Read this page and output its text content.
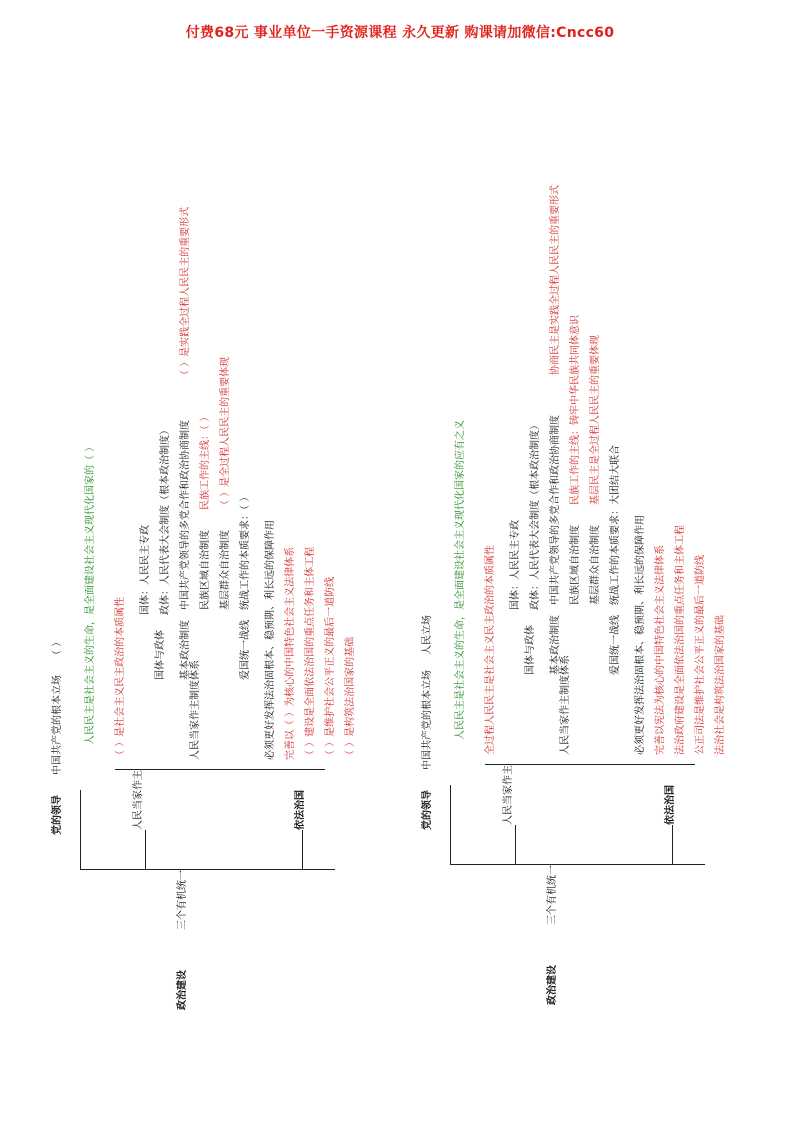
付费68元 事业单位一手资源课程 永久更新 购课请加微信:Cncc60
政治建设
三个有机统一
党的领导
中国共产党的根本立场
（ ） 人民民主是社会主义的生命，是全面建设社会主义现代化国家的（ ）
人民当家作主
（ ）是社会主义民主政治的本质属性	国体与政体
国体：人民民主专政 政体：人民代表大会制度（根本政治制度）
基本政治制度
中国共产党领导的多党合作和政治协商制度
（ ）是实践全过程人民民主的重要形式
民族区域自治制度
民族工作的主线：（ ）
基层群众自治制度
（ ）是全过程人民民主的重要体现
爱国统一战线
统战工作的本质要求：（ ）
人民当家作主制度体系
依法治国
必须更好发挥法治固根本、稳预期、利长远的保障作用 完善以（ ）为核心的中国特色社会主义法律体系 （ ）建设是全面依法治国的重点任务和主体工程 （ ）是维护社会公平正义的最后一道防线 （ ）是构筑法治国家的基础
政治建设
三个有机统一
党的领导
中国共产党的根本立场
人民立场 人民民主是社会主义的生命，是全面建设社会主义现代化国家的应有之义
人民当家作主
全过程人民民主是社会主义民主政治的本质属性	国体与政体
国体：人民民主专政 政体：人民代表大会制度（根本政治制度）
基本政治制度
中国共产党领导的多党合作和政治协商制度
协商民主是实践全过程人民民主的重要形式
民族区域自治制度
民族工作的主线：铸牢中华民族共同体意识
基层群众自治制度
基层民主是全过程人民民主的重要体现
爱国统一战线
统战工作的本质要求：大团结大联合
人民当家作主制度体系
依法治国
必须更好发挥法治固根本、稳预期、利长远的保障作用 完善以宪法为核心的中国特色社会主义法律体系 法治政府建设是全面依法治国的重点任务和主体工程 公正司法是维护社会公平正义的最后一道防线 法治社会是构筑法治国家的基础
